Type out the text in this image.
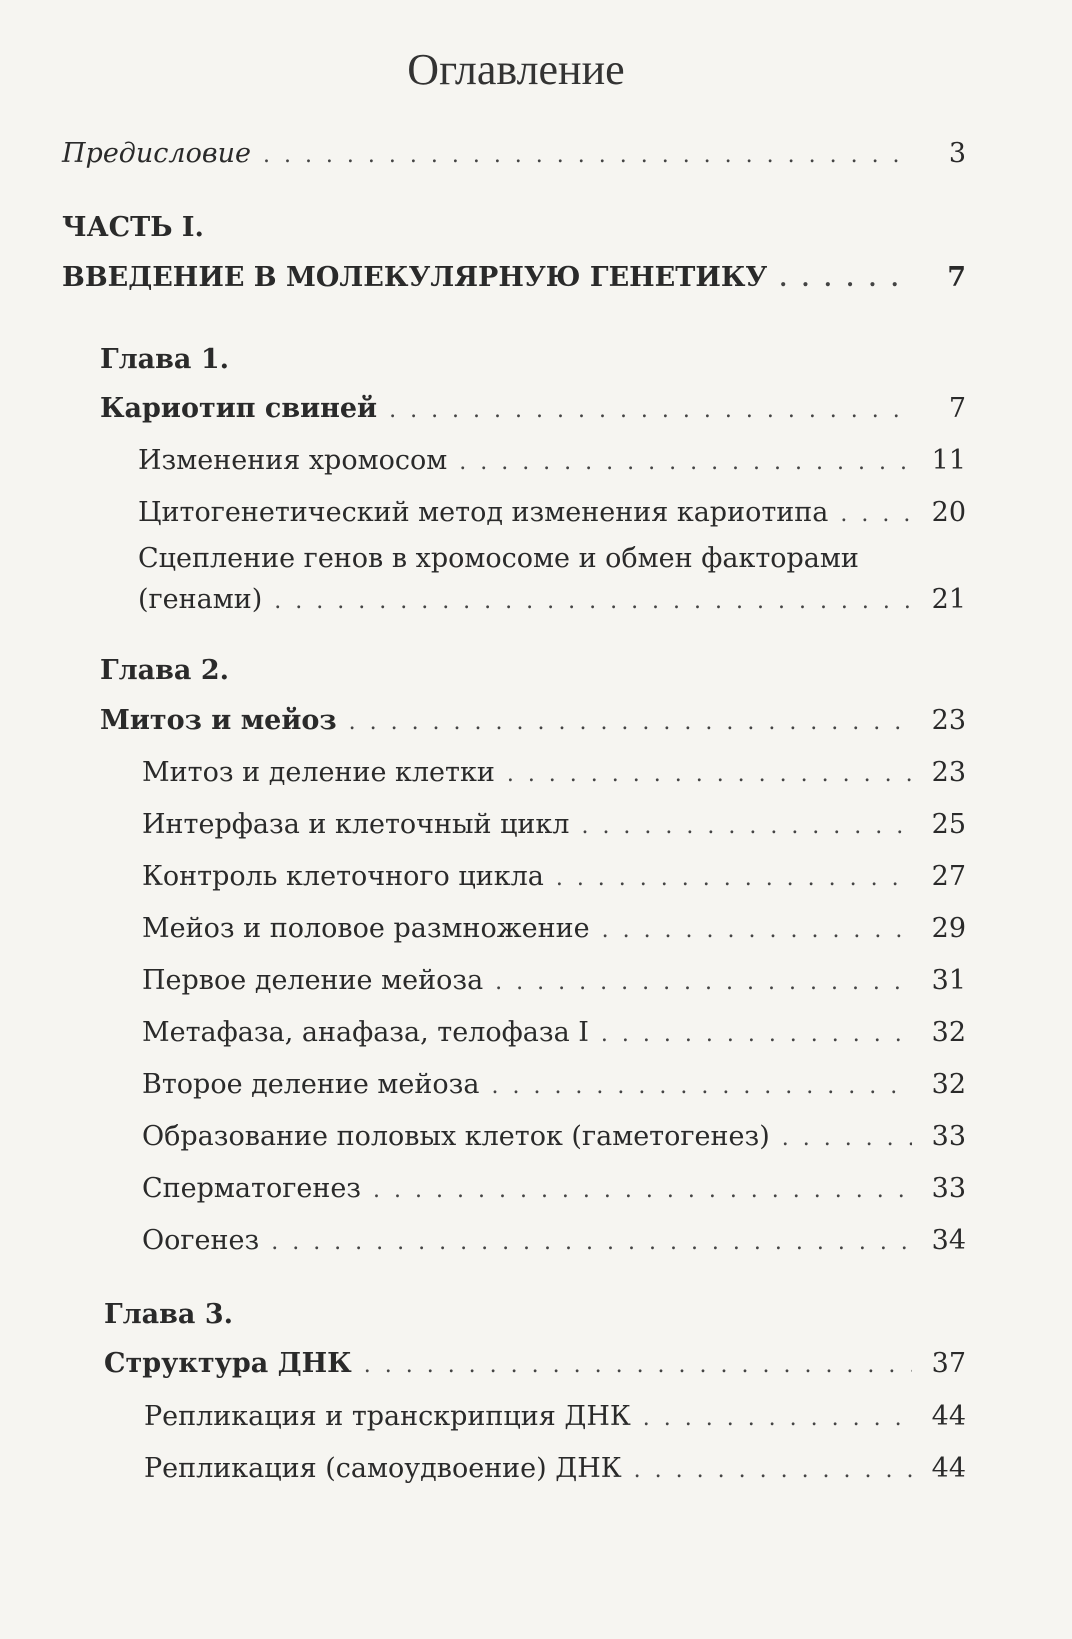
Оглавление
Предисловие . . .	3
ЧАСТЬ I.
ВВЕДЕНИЕ В МОЛЕКУЛЯРНУЮ ГЕНЕТИКУ . . .	7
Глава 1.
Кариотип свиней . . .	7
Изменения хромосом . . .	11
Цитогенетический метод изменения кариотипа . . .	20
Сцепление генов в хромосоме и обмен факторами
(генами) . . .	21
Глава 2.
Митоз и мейоз . . .	23
Митоз и деление клетки . . .	23
Интерфаза и клеточный цикл . . .	25
Контроль клеточного цикла . . .	27
Мейоз и половое размножение . . .	29
Первое деление мейоза . . .	31
Метафаза, анафаза, телофаза I . . .	32
Второе деление мейоза . . .	32
Образование половых клеток (гаметогенез) . . .	33
Сперматогенез . . .	33
Оогенез . . .	34
Глава 3.
Структура ДНК . . .	37
Репликация и транскрипция ДНК . . .	44
Репликация (самоудвоение) ДНК . . .	44
